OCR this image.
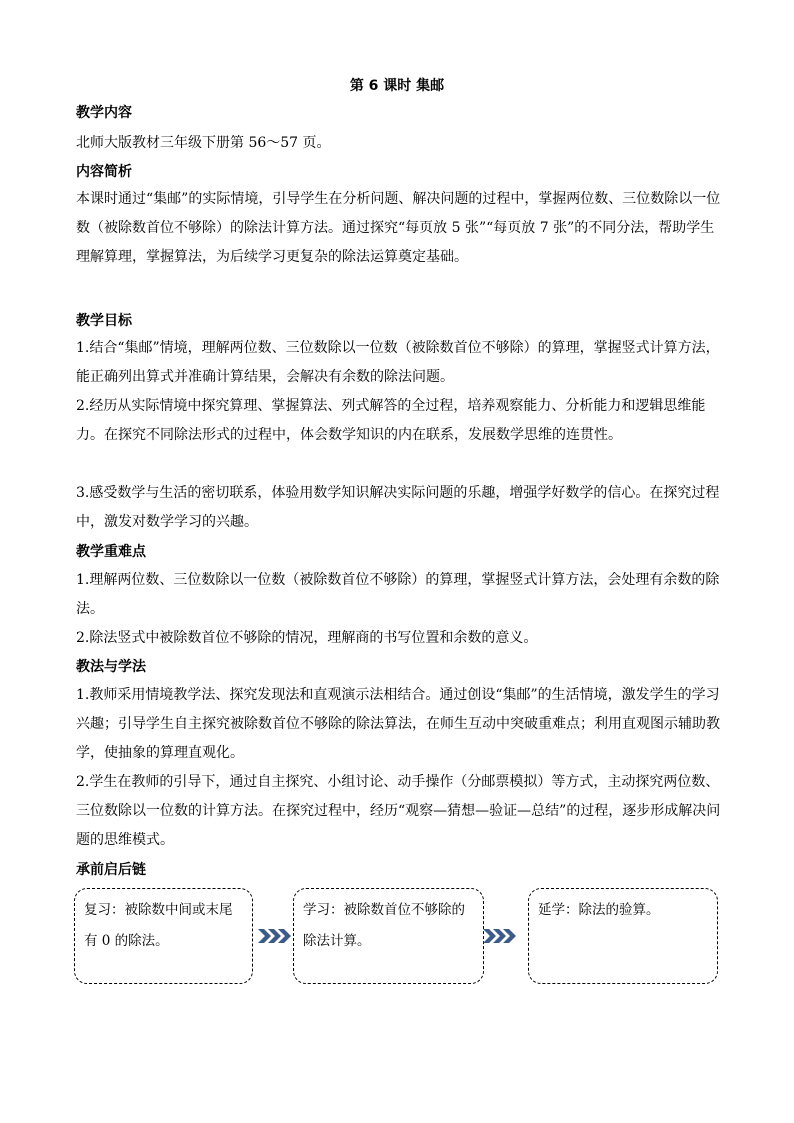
第 6 课时 集邮
教学内容
北师大版教材三年级下册第 56～57 页。
内容简析
本课时通过“集邮”的实际情境，引导学生在分析问题、解决问题的过程中，掌握两位数、三位数除以一位数（被除数首位不够除）的除法计算方法。通过探究“每页放 5 张”“每页放 7 张”的不同分法，帮助学生理解算理，掌握算法，为后续学习更复杂的除法运算奠定基础。
教学目标
1.结合“集邮”情境，理解两位数、三位数除以一位数（被除数首位不够除）的算理，掌握竖式计算方法，能正确列出算式并准确计算结果，会解决有余数的除法问题。
2.经历从实际情境中探究算理、掌握算法、列式解答的全过程，培养观察能力、分析能力和逻辑思维能力。在探究不同除法形式的过程中，体会数学知识的内在联系，发展数学思维的连贯性。
3.感受数学与生活的密切联系，体验用数学知识解决实际问题的乐趣，增强学好数学的信心。在探究过程中，激发对数学学习的兴趣。
教学重难点
1.理解两位数、三位数除以一位数（被除数首位不够除）的算理，掌握竖式计算方法，会处理有余数的除法。
2.除法竖式中被除数首位不够除的情况，理解商的书写位置和余数的意义。
教法与学法
1.教师采用情境教学法、探究发现法和直观演示法相结合。通过创设“集邮”的生活情境，激发学生的学习兴趣；引导学生自主探究被除数首位不够除的除法算法，在师生互动中突破重难点；利用直观图示辅助教学，使抽象的算理直观化。
2.学生在教师的引导下，通过自主探究、小组讨论、动手操作（分邮票模拟）等方式，主动探究两位数、三位数除以一位数的计算方法。在探究过程中，经历“观察—猜想—验证—总结”的过程，逐步形成解决问题的思维模式。
承前启后链
复习：被除数中间或末尾有 0 的除法。
学习：被除数首位不够除的除法计算。
延学：除法的验算。
